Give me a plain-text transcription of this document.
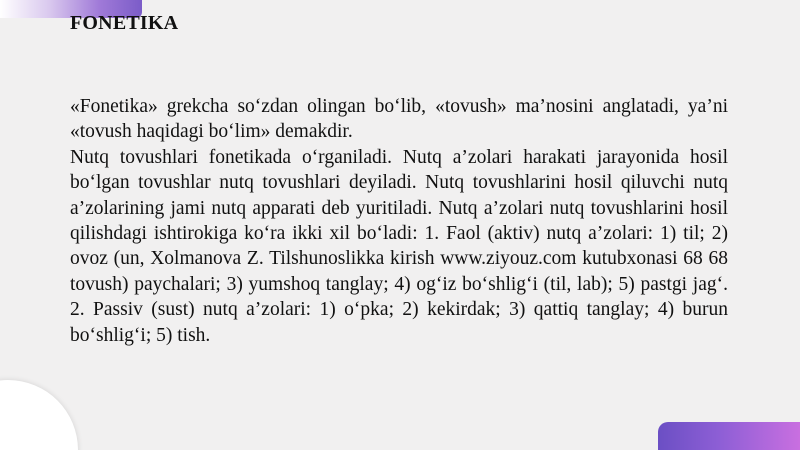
FONETIKA

«Fonetika» grekcha so‘zdan olingan bo‘lib, «tovush» ma’nosini anglatadi, ya’ni «tovush haqidagi bo‘lim» demakdir.
Nutq tovushlari fonetikada o‘rganiladi. Nutq a’zolari harakati jarayonida hosil bo‘lgan tovushlar nutq tovushlari deyiladi. Nutq tovushlarini hosil qiluvchi nutq a’zolarining jami nutq apparati deb yuritiladi. Nutq a’zolari nutq tovushlarini hosil qilishdagi ishtirokiga ko‘ra ikki xil bo‘ladi: 1. Faol (aktiv) nutq a’zolari: 1) til; 2) ovoz (un, Xolmanova Z. Tilshunoslikka kirish www.ziyouz.com kutubxonasi 68 68 tovush) paychalari; 3) yumshoq tanglay; 4) og‘iz bo‘shlig‘i (til, lab); 5) pastgi jag‘. 2. Passiv (sust) nutq a’zolari: 1) o‘pka; 2) kekirdak; 3) qattiq tanglay; 4) burun bo‘shlig‘i; 5) tish.
